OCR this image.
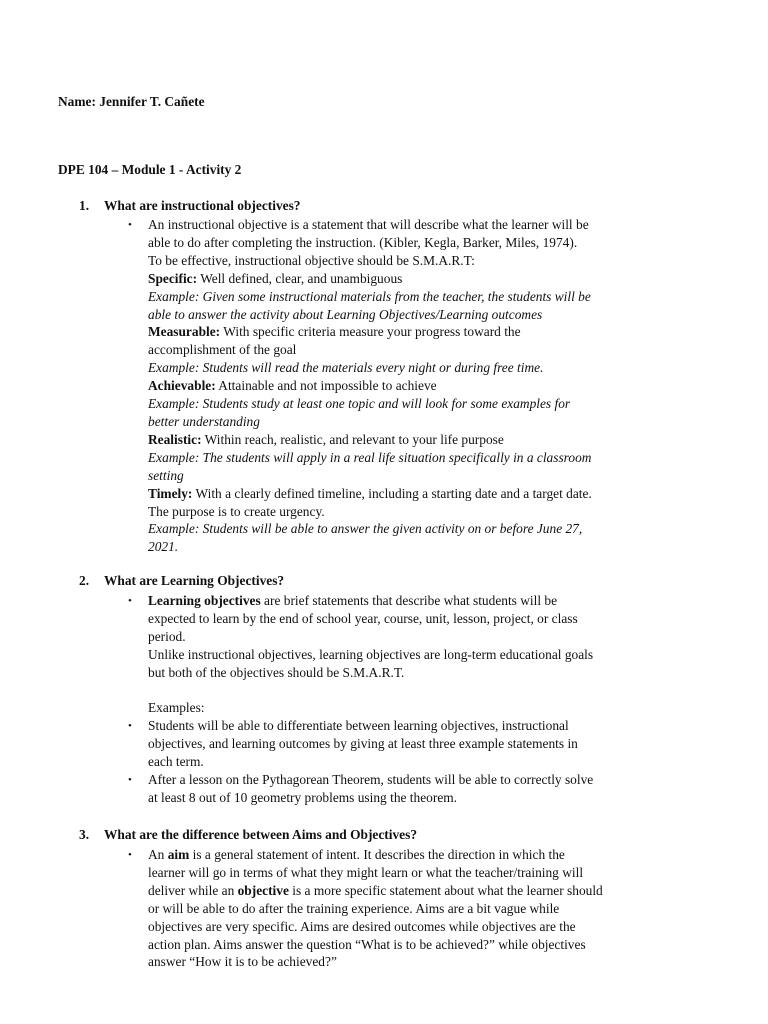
Name: Jennifer T. Cañete
DPE 104 – Module 1 - Activity 2
1. What are instructional objectives?
• An instructional objective is a statement that will describe what the learner will be
able to do after completing the instruction. (Kibler, Kegla, Barker, Miles, 1974).
To be effective, instructional objective should be S.M.A.R.T:
Specific: Well defined, clear, and unambiguous
Example: Given some instructional materials from the teacher, the students will be
able to answer the activity about Learning Objectives/Learning outcomes
Measurable: With specific criteria measure your progress toward the
accomplishment of the goal
Example: Students will read the materials every night or during free time.
Achievable: Attainable and not impossible to achieve
Example: Students study at least one topic and will look for some examples for
better understanding
Realistic: Within reach, realistic, and relevant to your life purpose
Example: The students will apply in a real life situation specifically in a classroom
setting
Timely: With a clearly defined timeline, including a starting date and a target date.
The purpose is to create urgency.
Example: Students will be able to answer the given activity on or before June 27,
2021.
2. What are Learning Objectives?
• Learning objectives are brief statements that describe what students will be
expected to learn by the end of school year, course, unit, lesson, project, or class
period.
Unlike instructional objectives, learning objectives are long-term educational goals
but both of the objectives should be S.M.A.R.T.

Examples:
• Students will be able to differentiate between learning objectives, instructional
objectives, and learning outcomes by giving at least three example statements in
each term.
• After a lesson on the Pythagorean Theorem, students will be able to correctly solve
at least 8 out of 10 geometry problems using the theorem.
3. What are the difference between Aims and Objectives?
• An aim is a general statement of intent. It describes the direction in which the
learner will go in terms of what they might learn or what the teacher/training will
deliver while an objective is a more specific statement about what the learner should
or will be able to do after the training experience. Aims are a bit vague while
objectives are very specific. Aims are desired outcomes while objectives are the
action plan. Aims answer the question “What is to be achieved?” while objectives
answer “How it is to be achieved?”
